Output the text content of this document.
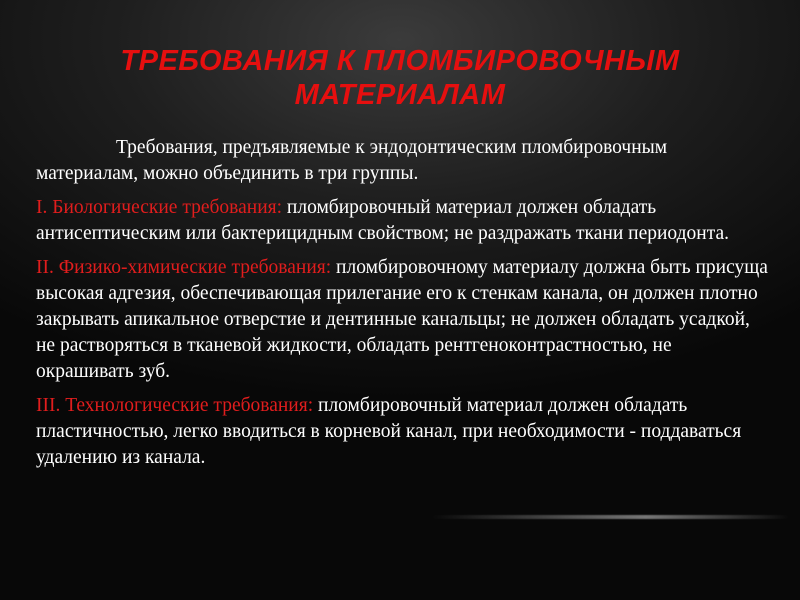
ТРЕБОВАНИЯ К ПЛОМБИРОВОЧНЫМ МАТЕРИАЛАМ

Требования, предъявляемые к эндодонтическим пломбировочным материалам, можно объединить в три группы.

I. Биологические требования: пломбировочный материал должен обладать антисептическим или бактерицидным свойством; не раздражать ткани периодонта.

II. Физико-химические требования: пломбировочному материалу должна быть присуща высокая адгезия, обеспечивающая прилегание его к стенкам канала, он должен плотно закрывать апикальное отверстие и дентинные канальцы; не должен обладать усадкой, не растворяться в тканевой жидкости, обладать рентгеноконтрастностью, не окрашивать зуб.

III. Технологические требования: пломбировочный материал должен обладать пластичностью, легко вводиться в корневой канал, при необходимости - поддаваться удалению из канала.
